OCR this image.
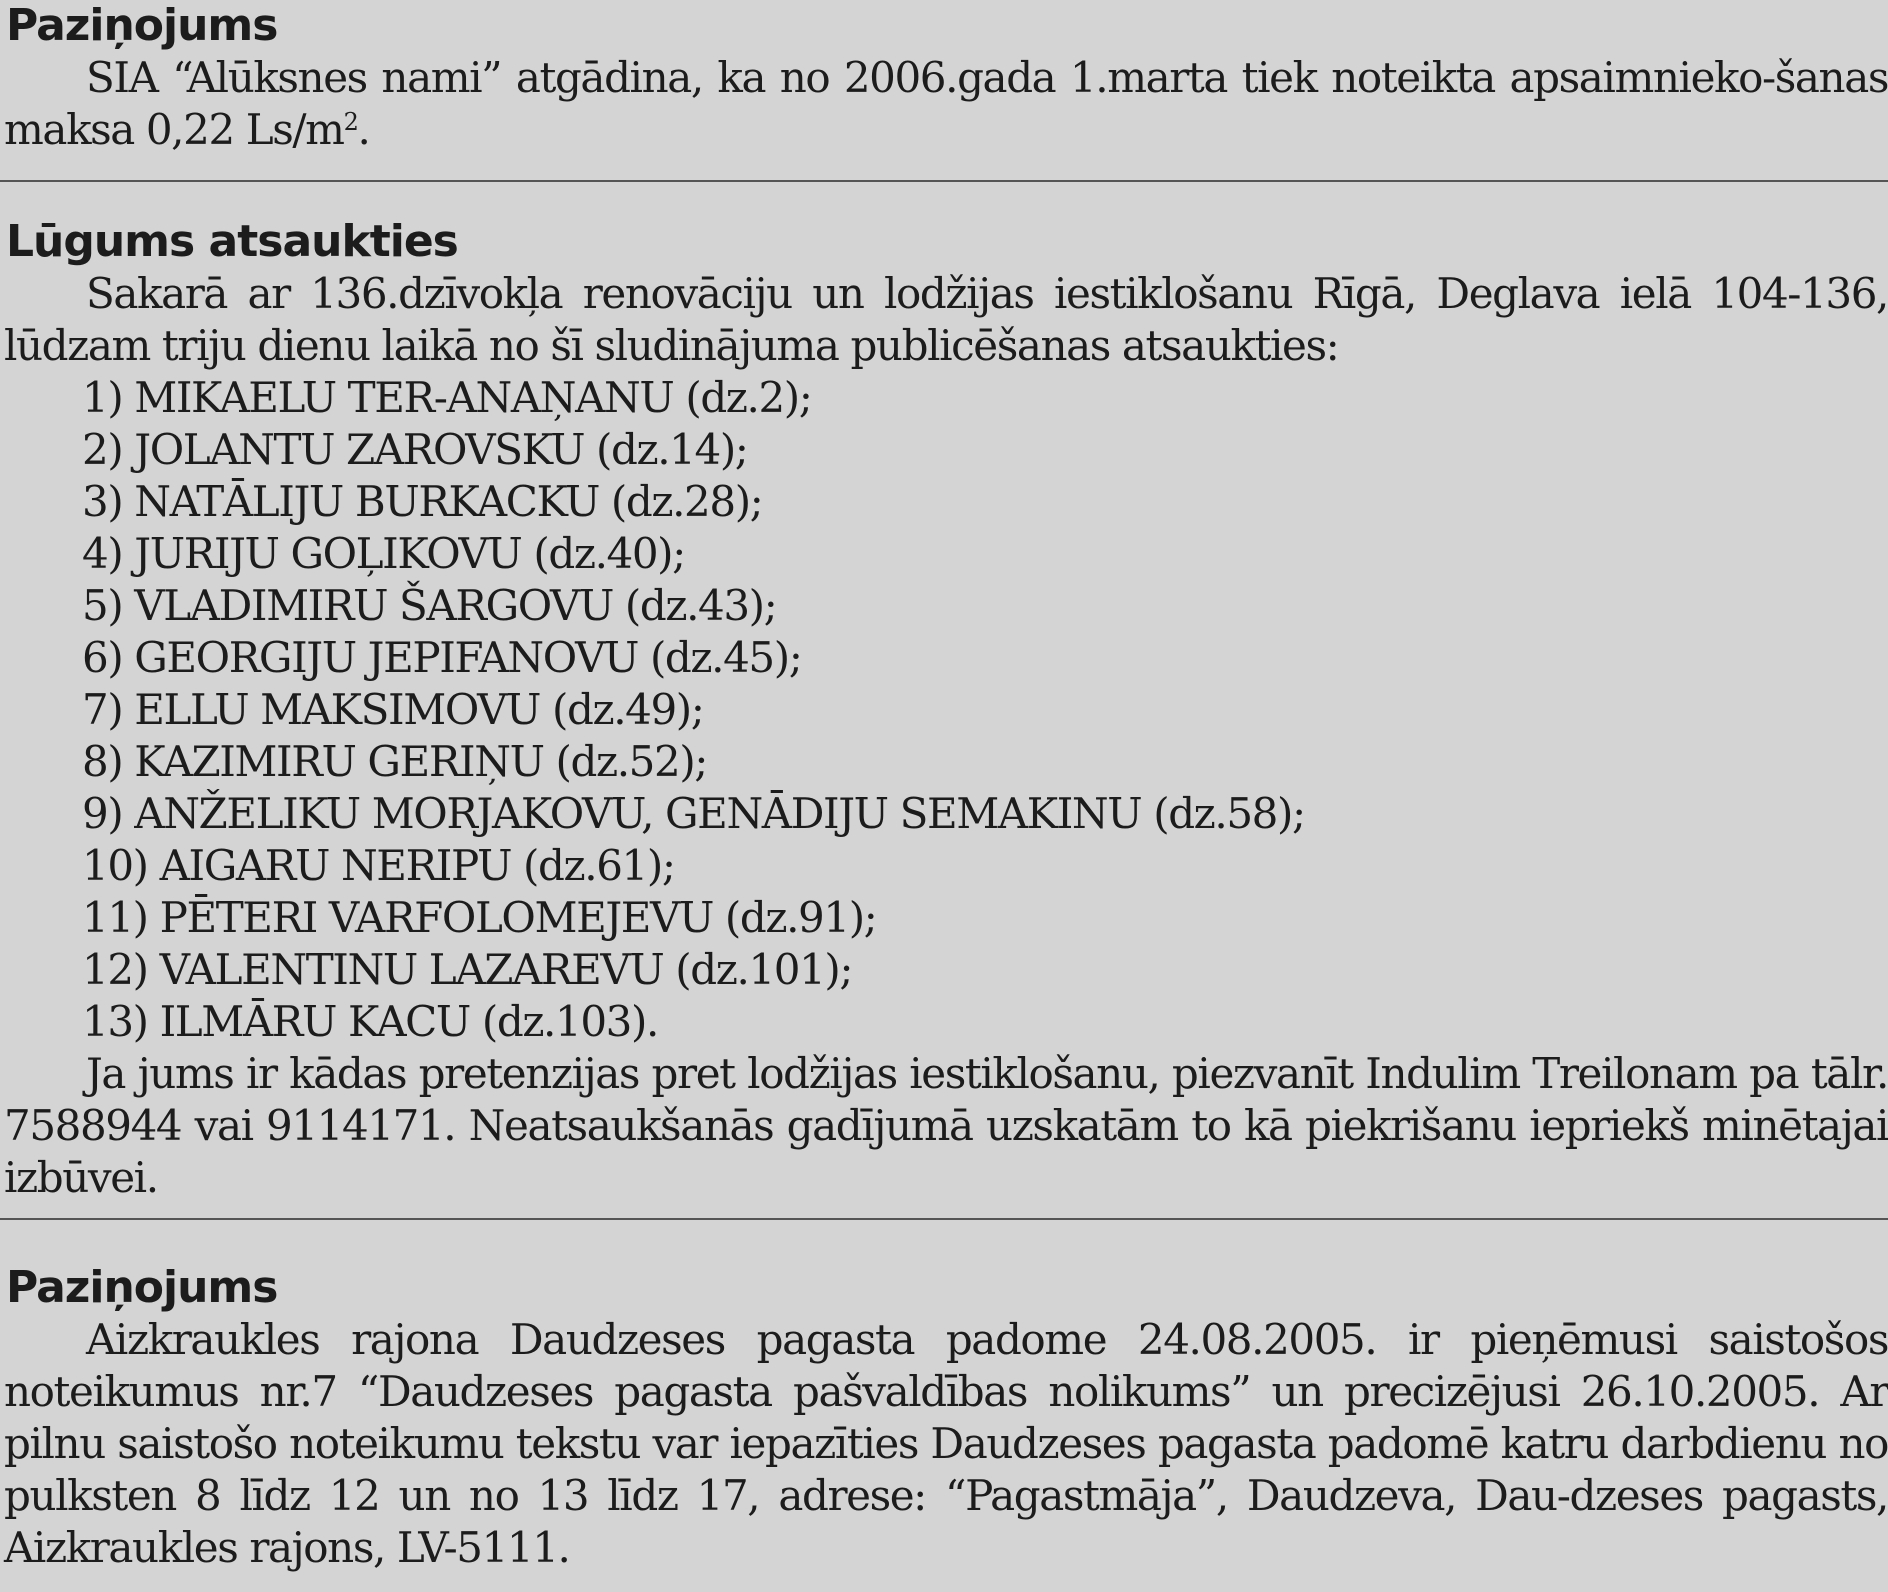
Paziņojums

SIA “Alūksnes nami” atgādina, ka no 2006.gada 1.marta tiek noteikta apsaimnieko-šanas maksa 0,22 $Ls/m^2$.

Lūgums atsaukties

Sakarā ar 136.dzīvokļa renovāciju un lodžijas iestiklošanu Rīgā, Deglava ielā 104-136, lūdzam triju dienu laikā no šī sludinājuma publicēšanas atsaukties:

1) MIKAELU TER-ANAŅANU (dz.2);
2) JOLANTU ZAROVSKU (dz.14);
3) NATĀLIJU BURKACKU (dz.28);
4) JURIJU GOĻIKOVU (dz.40);
5) VLADIMIRU ŠARGOVU (dz.43);
6) GEORGIJU JEPIFANOVU (dz.45);
7) ELLU MAKSIMOVU (dz.49);
8) KAZIMIRU GERIŅU (dz.52);
9) ANŽELIKU MORJAKOVU, GENĀDIJU SEMAKINU (dz.58);
10) AIGARU NERIPU (dz.61);
11) PĒTERI VARFOLOMEJEVU (dz.91);
12) VALENTINU LAZAREVU (dz.101);
13) ILMĀRU KACU (dz.103).

Ja jums ir kādas pretenzijas pret lodžijas iestiklošanu, piezvanīt Indulim Treilonam pa tālr. 7588944 vai 9114171. Neatsaukšanās gadījumā uzskatām to kā piekrišanu iepriekš minētajai izbūvei.

Paziņojums

Aizkraukles rajona Daudzeses pagasta padome 24.08.2005. ir pieņēmusi saistošos noteikumus nr.7 “Daudzeses pagasta pašvaldības nolikums” un precizējusi 26.10.2005. Ar pilnu saistošo noteikumu tekstu var iepazīties Daudzeses pagasta padomē katru darbdienu no pulksten 8 līdz 12 un no 13 līdz 17, adrese: “Pagastmāja”, Daudzeva, Dau-dzeses pagasts, Aizkraukles rajons, LV-5111.
